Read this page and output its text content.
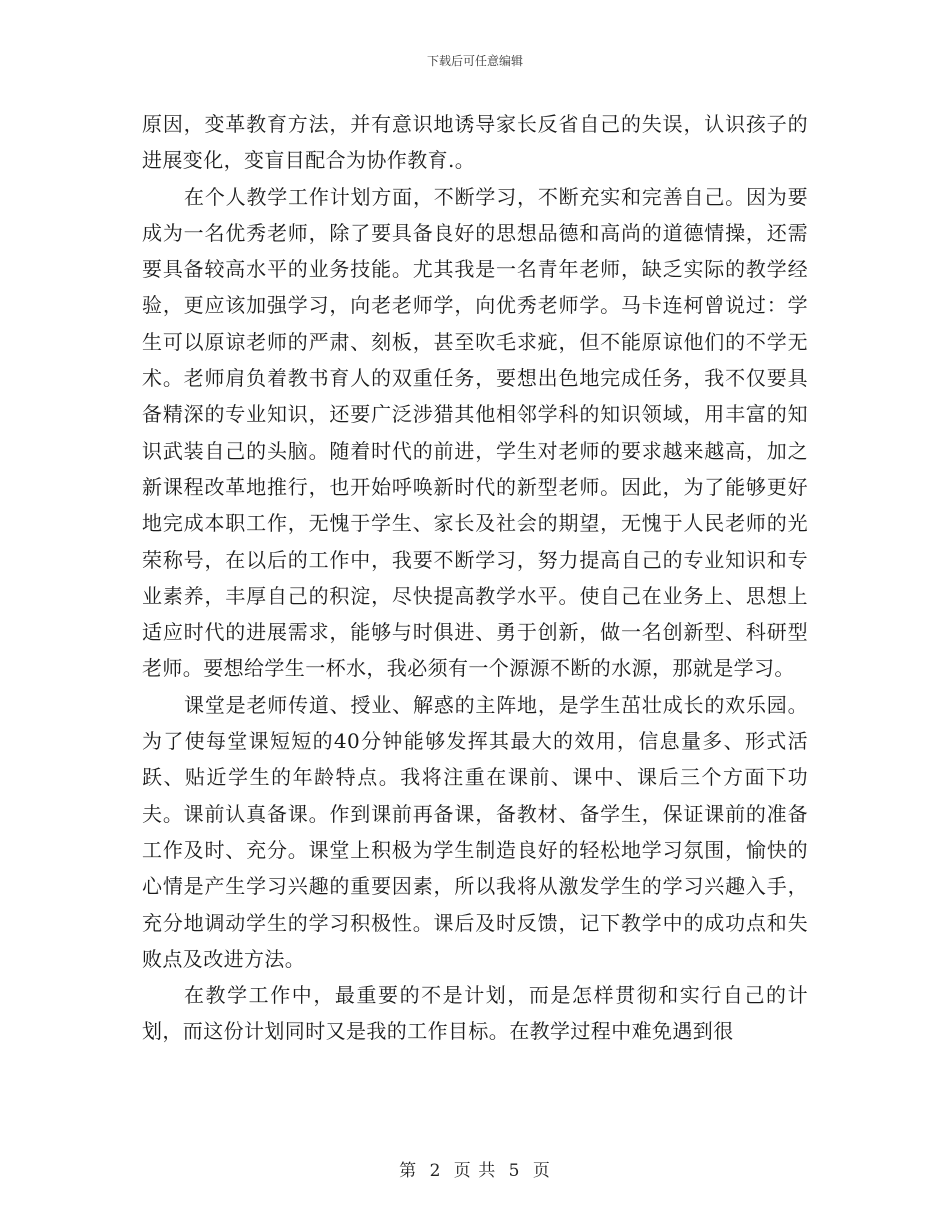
下载后可任意编辑

原因，变革教育方法，并有意识地诱导家长反省自己的失误，认识孩子的进展变化，变盲目配合为协作教育.。

在个人教学工作计划方面，不断学习，不断充实和完善自己。因为要成为一名优秀老师，除了要具备良好的思想品德和高尚的道德情操，还需要具备较高水平的业务技能。尤其我是一名青年老师，缺乏实际的教学经验，更应该加强学习，向老老师学，向优秀老师学。马卡连柯曾说过：学生可以原谅老师的严肃、刻板，甚至吹毛求疵，但不能原谅他们的不学无术。老师肩负着教书育人的双重任务，要想出色地完成任务，我不仅要具备精深的专业知识，还要广泛涉猎其他相邻学科的知识领域，用丰富的知识武装自己的头脑。随着时代的前进，学生对老师的要求越来越高，加之新课程改革地推行，也开始呼唤新时代的新型老师。因此，为了能够更好地完成本职工作，无愧于学生、家长及社会的期望，无愧于人民老师的光荣称号，在以后的工作中，我要不断学习，努力提高自己的专业知识和专业素养，丰厚自己的积淀，尽快提高教学水平。使自己在业务上、思想上适应时代的进展需求，能够与时俱进、勇于创新，做一名创新型、科研型老师。要想给学生一杯水，我必须有一个源源不断的水源，那就是学习。

课堂是老师传道、授业、解惑的主阵地，是学生茁壮成长的欢乐园。为了使每堂课短短的40分钟能够发挥其最大的效用，信息量多、形式活跃、贴近学生的年龄特点。我将注重在课前、课中、课后三个方面下功夫。课前认真备课。作到课前再备课，备教材、备学生，保证课前的准备工作及时、充分。课堂上积极为学生制造良好的轻松地学习氛围，愉快的心情是产生学习兴趣的重要因素，所以我将从激发学生的学习兴趣入手，充分地调动学生的学习积极性。课后及时反馈，记下教学中的成功点和失败点及改进方法。

在教学工作中，最重要的不是计划，而是怎样贯彻和实行自己的计划，而这份计划同时又是我的工作目标。在教学过程中难免遇到很

第 2 页 共 5 页
